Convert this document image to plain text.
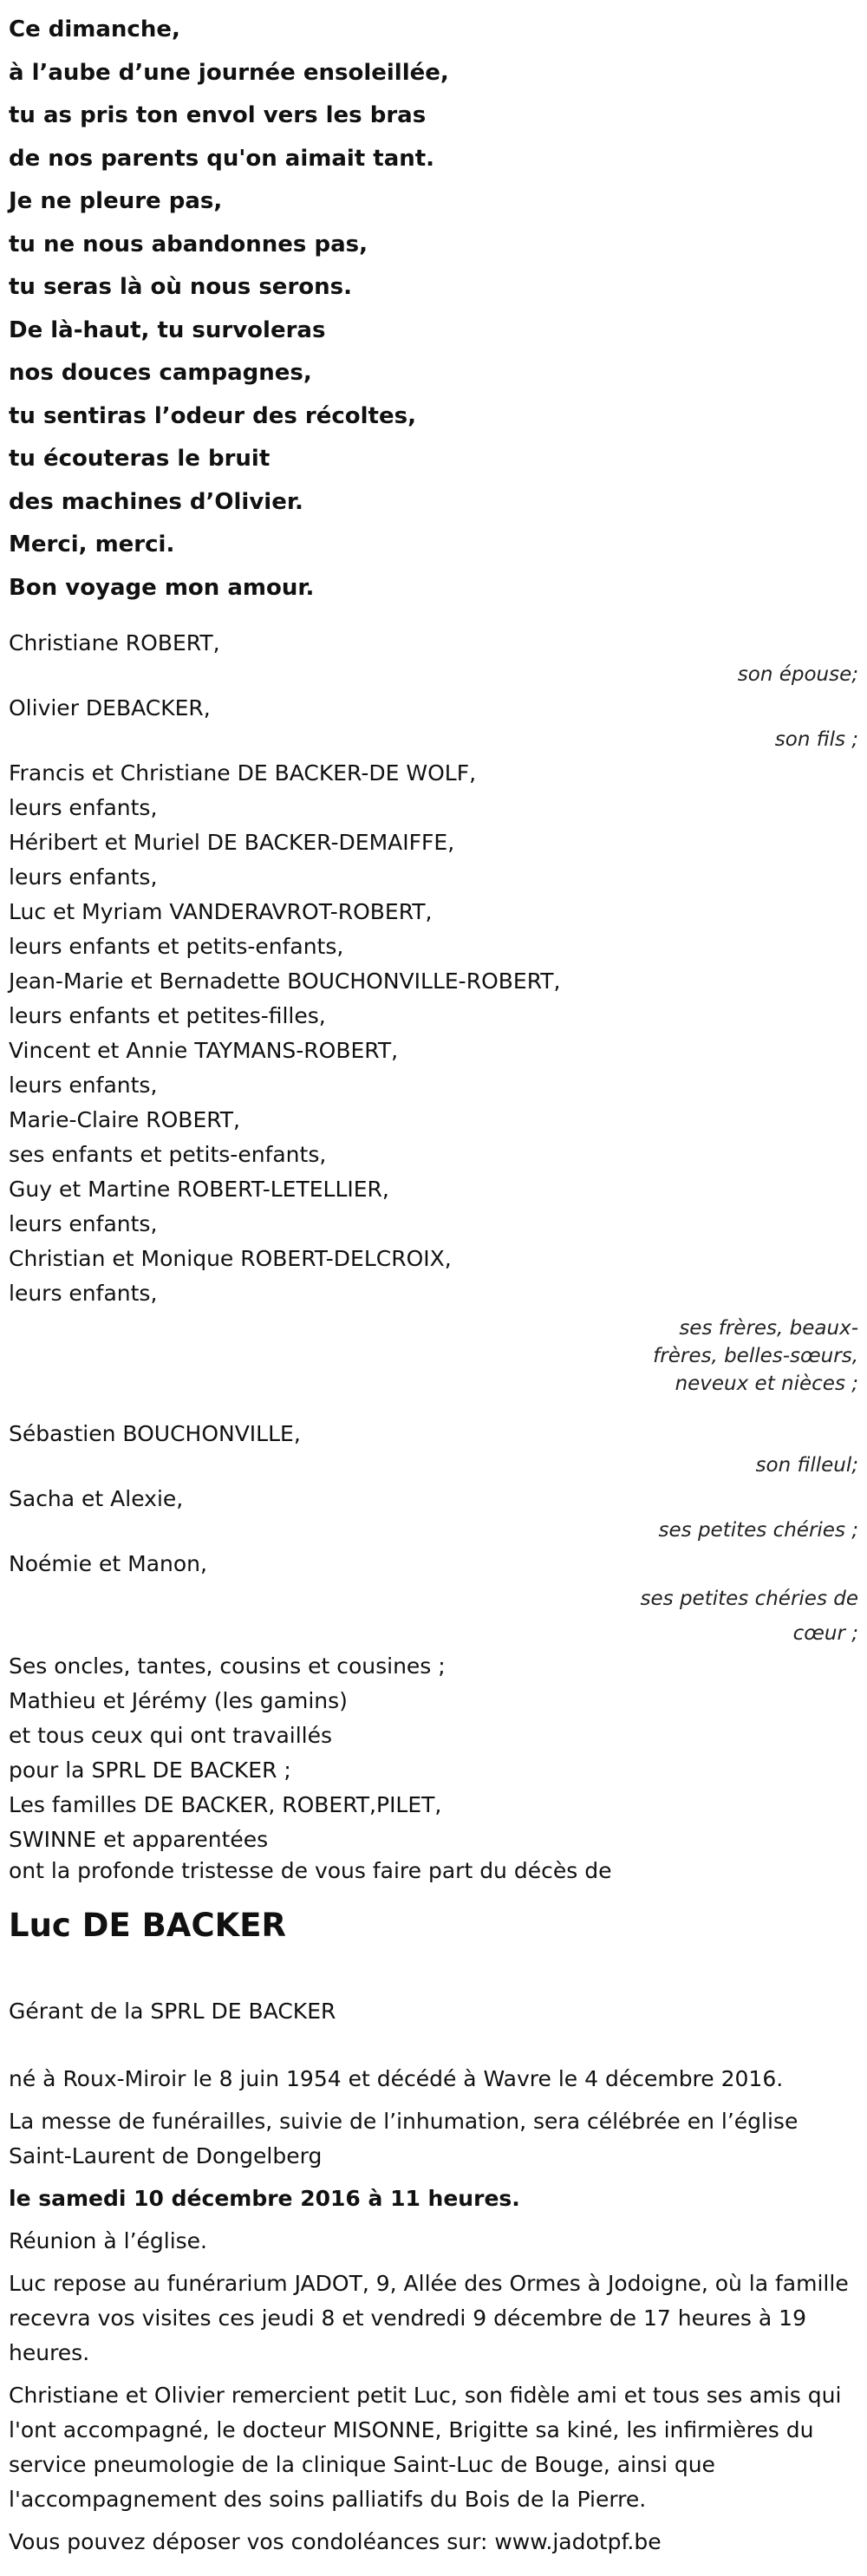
Ce dimanche,
à l’aube d’une journée ensoleillée,
tu as pris ton envol vers les bras
de nos parents qu'on aimait tant.
Je ne pleure pas,
tu ne nous abandonnes pas,
tu seras là où nous serons.
De là-haut, tu survoleras
nos douces campagnes,
tu sentiras l’odeur des récoltes,
tu écouteras le bruit
des machines d’Olivier.
Merci, merci.
Bon voyage mon amour.
Christiane ROBERT,
son épouse;
Olivier DEBACKER,
son fils ;
Francis et Christiane DE BACKER-DE WOLF,
leurs enfants,
Héribert et Muriel DE BACKER-DEMAIFFE,
leurs enfants,
Luc et Myriam VANDERAVROT-ROBERT,
leurs enfants et petits-enfants,
Jean-Marie et Bernadette BOUCHONVILLE-ROBERT,
leurs enfants et petites-filles,
Vincent et Annie TAYMANS-ROBERT,
leurs enfants,
Marie-Claire ROBERT,
ses enfants et petits-enfants,
Guy et Martine ROBERT-LETELLIER,
leurs enfants,
Christian et Monique ROBERT-DELCROIX,
leurs enfants,
ses frères, beaux-frères, belles-sœurs, neveux et nièces ;
Sébastien BOUCHONVILLE,
son filleul;
Sacha et Alexie,
ses petites chéries ;
Noémie et Manon,
ses petites chéries de cœur ;
Ses oncles, tantes, cousins et cousines ;
Mathieu et Jérémy (les gamins)
et tous ceux qui ont travaillés
pour la SPRL DE BACKER ;
Les familles DE BACKER, ROBERT,PILET,
SWINNE et apparentées
ont la profonde tristesse de vous faire part du décès de
Luc DE BACKER
Gérant de la SPRL DE BACKER

né à Roux-Miroir le 8 juin 1954 et décédé à Wavre le 4 décembre 2016.

La messe de funérailles, suivie de l’inhumation, sera célébrée en l’église Saint-Laurent de Dongelberg

le samedi 10 décembre 2016 à 11 heures.

Réunion à l’église.

Luc repose au funérarium JADOT, 9, Allée des Ormes à Jodoigne, où la famille recevra vos visites ces jeudi 8 et vendredi 9 décembre de 17 heures à 19 heures.

Christiane et Olivier remercient petit Luc, son fidèle ami et tous ses amis qui l'ont accompagné, le docteur MISONNE, Brigitte sa kiné, les infirmières du service pneumologie de la clinique Saint-Luc de Bouge, ainsi que l'accompagnement des soins palliatifs du Bois de la Pierre.

Vous pouvez déposer vos condoléances sur: www.jadotpf.be
